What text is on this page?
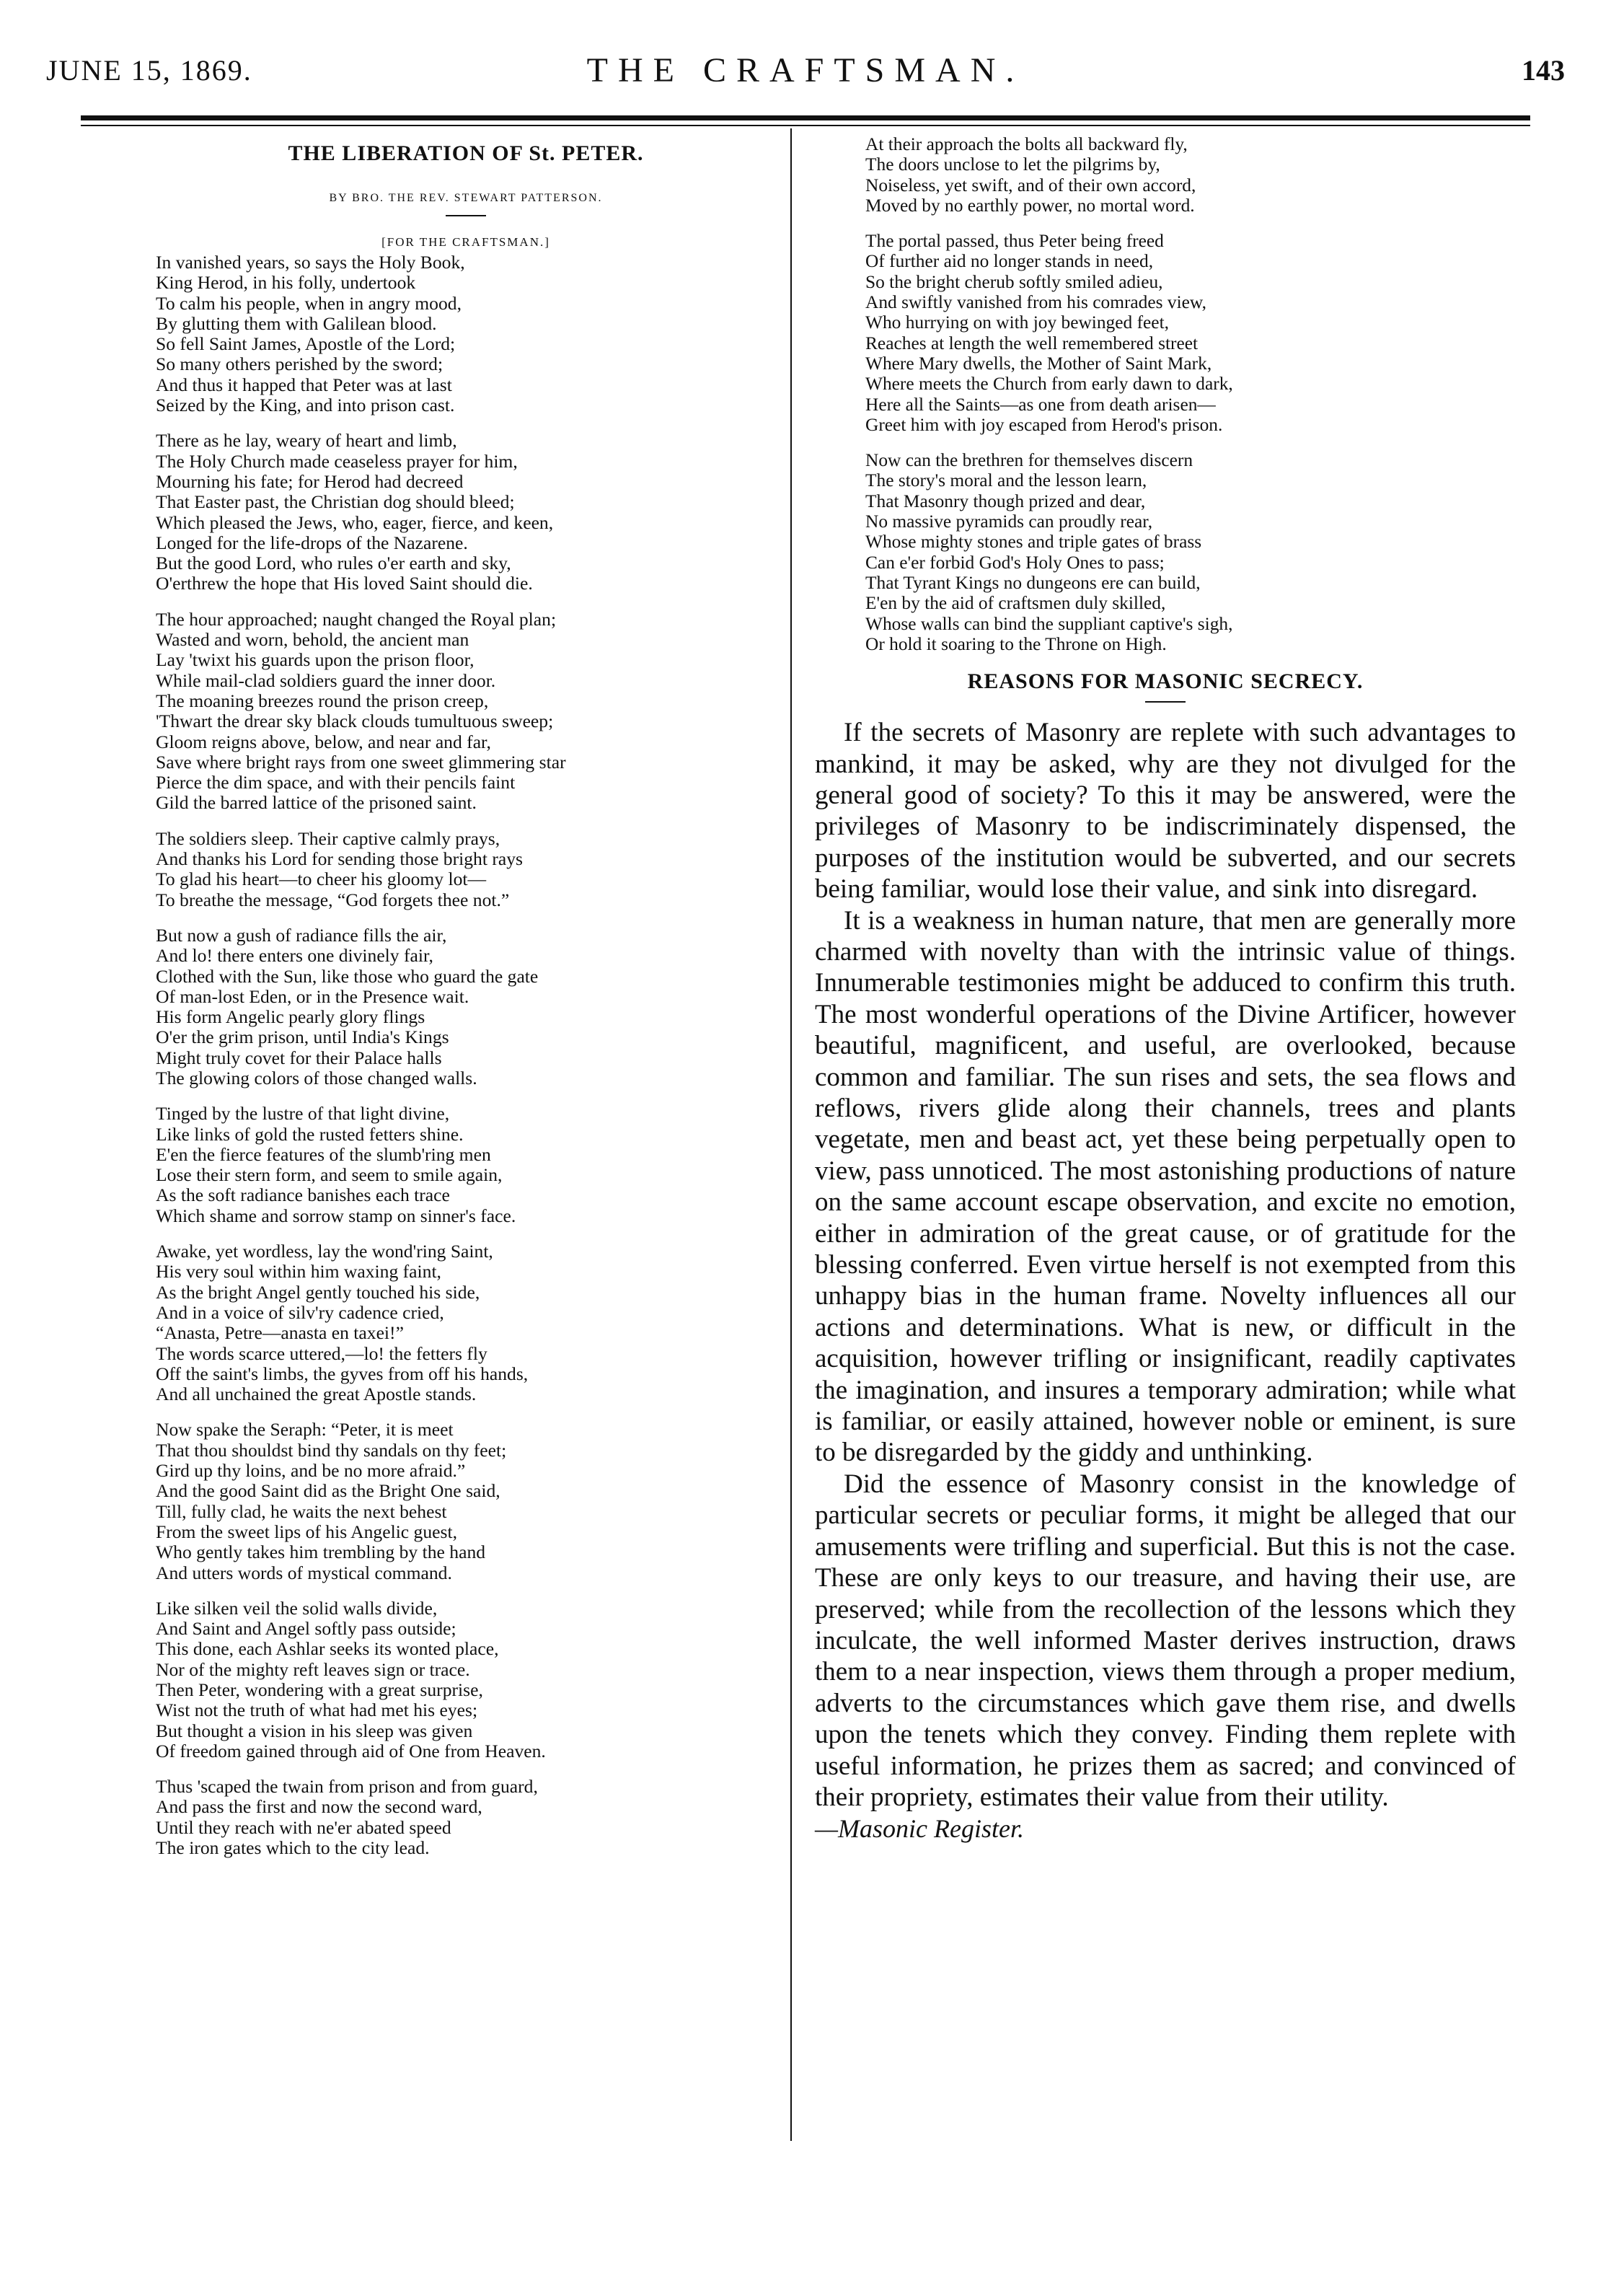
JUNE 15, 1869.	THE CRAFTSMAN.	143
THE LIBERATION OF St. PETER.
BY BRO. THE REV. STEWART PATTERSON.
[FOR THE CRAFTSMAN.]
In vanished years, so says the Holy Book,
King Herod, in his folly, undertook
To calm his people, when in angry mood,
By glutting them with Galilean blood.
So fell Saint James, Apostle of the Lord;
So many others perished by the sword;
And thus it happed that Peter was at last
Seized by the King, and into prison cast.
There as he lay, weary of heart and limb,
The Holy Church made ceaseless prayer for him,
Mourning his fate; for Herod had decreed
That Easter past, the Christian dog should bleed;
Which pleased the Jews, who, eager, fierce, and keen,
Longed for the life-drops of the Nazarene.
But the good Lord, who rules o'er earth and sky,
O'erthrew the hope that His loved Saint should die.
The hour approached; naught changed the Royal plan;
Wasted and worn, behold, the ancient man
Lay 'twixt his guards upon the prison floor,
While mail-clad soldiers guard the inner door.
The moaning breezes round the prison creep,
'Thwart the drear sky black clouds tumultuous sweep;
Gloom reigns above, below, and near and far,
Save where bright rays from one sweet glimmering star
Pierce the dim space, and with their pencils faint
Gild the barred lattice of the prisoned saint.
The soldiers sleep. Their captive calmly prays,
And thanks his Lord for sending those bright rays
To glad his heart—to cheer his gloomy lot—
To breathe the message, “God forgets thee not.”
But now a gush of radiance fills the air,
And lo! there enters one divinely fair,
Clothed with the Sun, like those who guard the gate
Of man-lost Eden, or in the Presence wait.
His form Angelic pearly glory flings
O'er the grim prison, until India's Kings
Might truly covet for their Palace halls
The glowing colors of those changed walls.
Tinged by the lustre of that light divine,
Like links of gold the rusted fetters shine.
E'en the fierce features of the slumb'ring men
Lose their stern form, and seem to smile again,
As the soft radiance banishes each trace
Which shame and sorrow stamp on sinner's face.
Awake, yet wordless, lay the wond'ring Saint,
His very soul within him waxing faint,
As the bright Angel gently touched his side,
And in a voice of silv'ry cadence cried,
“Anasta, Petre—anasta en taxei!”
The words scarce uttered,—lo! the fetters fly
Off the saint's limbs, the gyves from off his hands,
And all unchained the great Apostle stands.
Now spake the Seraph: “Peter, it is meet
That thou shouldst bind thy sandals on thy feet;
Gird up thy loins, and be no more afraid.”
And the good Saint did as the Bright One said,
Till, fully clad, he waits the next behest
From the sweet lips of his Angelic guest,
Who gently takes him trembling by the hand
And utters words of mystical command.
Like silken veil the solid walls divide,
And Saint and Angel softly pass outside;
This done, each Ashlar seeks its wonted place,
Nor of the mighty reft leaves sign or trace.
Then Peter, wondering with a great surprise,
Wist not the truth of what had met his eyes;
But thought a vision in his sleep was given
Of freedom gained through aid of One from Heaven.
Thus 'scaped the twain from prison and from guard,
And pass the first and now the second ward,
Until they reach with ne'er abated speed
The iron gates which to the city lead.
At their approach the bolts all backward fly,
The doors unclose to let the pilgrims by,
Noiseless, yet swift, and of their own accord,
Moved by no earthly power, no mortal word.
The portal passed, thus Peter being freed
Of further aid no longer stands in need,
So the bright cherub softly smiled adieu,
And swiftly vanished from his comrades view,
Who hurrying on with joy bewinged feet,
Reaches at length the well remembered street
Where Mary dwells, the Mother of Saint Mark,
Where meets the Church from early dawn to dark,
Here all the Saints—as one from death arisen—
Greet him with joy escaped from Herod's prison.
Now can the brethren for themselves discern
The story's moral and the lesson learn,
That Masonry though prized and dear,
No massive pyramids can proudly rear,
Whose mighty stones and triple gates of brass
Can e'er forbid God's Holy Ones to pass;
That Tyrant Kings no dungeons ere can build,
E'en by the aid of craftsmen duly skilled,
Whose walls can bind the suppliant captive's sigh,
Or hold it soaring to the Throne on High.
REASONS FOR MASONIC SECRECY.

If the secrets of Masonry are replete with such advantages to mankind, it may be asked, why are they not divulged for the general good of society? To this it may be answered, were the privileges of Masonry to be indiscriminately dispensed, the purposes of the institution would be subverted, and our secrets being familiar, would lose their value, and sink into disregard.

It is a weakness in human nature, that men are generally more charmed with novelty than with the intrinsic value of things. Innumerable testimonies might be adduced to confirm this truth. The most wonderful operations of the Divine Artificer, however beautiful, magnificent, and useful, are overlooked, because common and familiar. The sun rises and sets, the sea flows and reflows, rivers glide along their channels, trees and plants vegetate, men and beast act, yet these being perpetually open to view, pass unnoticed. The most astonishing productions of nature on the same account escape observation, and excite no emotion, either in admiration of the great cause, or of gratitude for the blessing conferred. Even virtue herself is not exempted from this unhappy bias in the human frame. Novelty influences all our actions and determinations. What is new, or difficult in the acquisition, however trifling or insignificant, readily captivates the imagination, and insures a temporary admiration; while what is familiar, or easily attained, however noble or eminent, is sure to be disregarded by the giddy and unthinking.

Did the essence of Masonry consist in the knowledge of particular secrets or peculiar forms, it might be alleged that our amusements were trifling and superficial. But this is not the case. These are only keys to our treasure, and having their use, are preserved; while from the recollection of the lessons which they inculcate, the well informed Master derives instruction, draws them to a near inspection, views them through a proper medium, adverts to the circumstances which gave them rise, and dwells upon the tenets which they convey. Finding them replete with useful information, he prizes them as sacred; and convinced of their propriety, estimates their value from their utility.

—Masonic Register.
